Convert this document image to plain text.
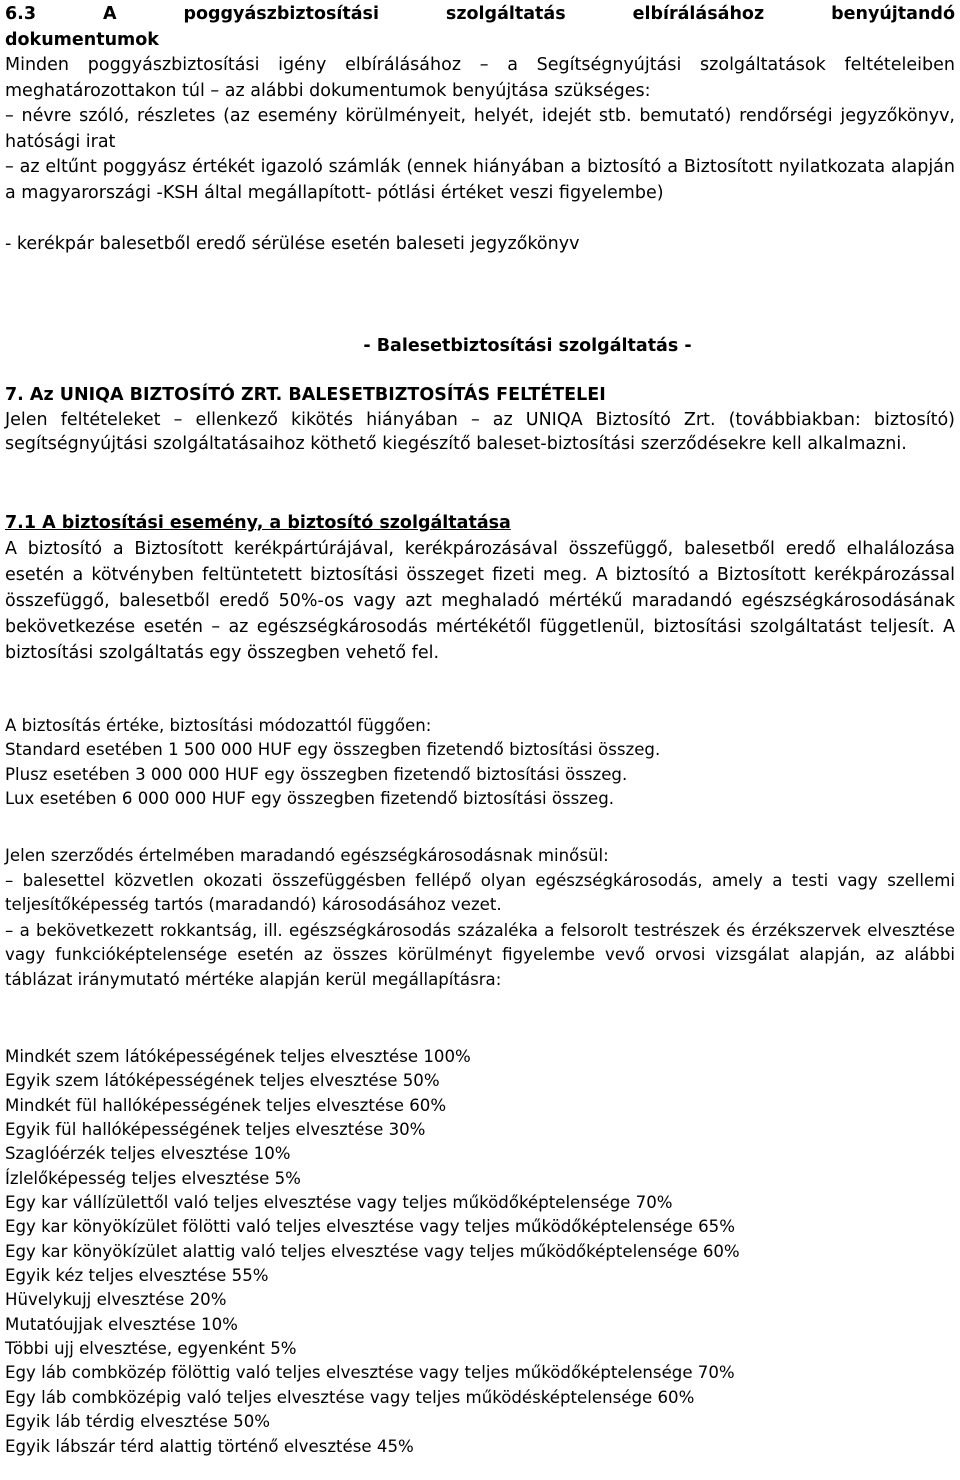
6.3 A poggyászbiztosítási szolgáltatás elbírálásához benyújtandó
dokumentumok
Minden poggyászbiztosítási igény elbírálásához – a Segítségnyújtási szolgáltatások feltételeiben meghatározottakon túl – az alábbi dokumentumok benyújtása szükséges:
– névre szóló, részletes (az esemény körülményeit, helyét, idejét stb. bemutató) rendőrségi jegyzőkönyv, hatósági irat
– az eltűnt poggyász értékét igazoló számlák (ennek hiányában a biztosító a Biztosított nyilatkozata alapján a magyarországi -KSH által megállapított- pótlási értéket veszi figyelembe)
- kerékpár balesetből eredő sérülése esetén baleseti jegyzőkönyv
- Balesetbiztosítási szolgáltatás -
7. Az UNIQA BIZTOSÍTÓ ZRT. BALESETBIZTOSÍTÁS FELTÉTELEI
Jelen feltételeket – ellenkező kikötés hiányában – az UNIQA Biztosító Zrt. (továbbiakban: biztosító) segítségnyújtási szolgáltatásaihoz köthető kiegészítő baleset-biztosítási szerződésekre kell alkalmazni.
7.1 A biztosítási esemény, a biztosító szolgáltatása
A biztosító a Biztosított kerékpártúrájával, kerékpározásával összefüggő, balesetből eredő elhalálozása esetén a kötvényben feltüntetett biztosítási összeget fizeti meg. A biztosító a Biztosított kerékpározással összefüggő, balesetből eredő 50%-os vagy azt meghaladó mértékű maradandó egészségkárosodásának bekövetkezése esetén – az egészségkárosodás mértékétől függetlenül, biztosítási szolgáltatást teljesít. A biztosítási szolgáltatás egy összegben vehető fel.
A biztosítás értéke, biztosítási módozattól függően:
Standard esetében 1 500 000 HUF egy összegben fizetendő biztosítási összeg.
Plusz esetében 3 000 000 HUF egy összegben fizetendő biztosítási összeg.
Lux esetében 6 000 000 HUF egy összegben fizetendő biztosítási összeg.
Jelen szerződés értelmében maradandó egészségkárosodásnak minősül:
– balesettel közvetlen okozati összefüggésben fellépő olyan egészségkárosodás, amely a testi vagy szellemi teljesítőképesség tartós (maradandó) károsodásához vezet.
– a bekövetkezett rokkantság, ill. egészségkárosodás százaléka a felsorolt testrészek és érzékszervek elvesztése vagy funkcióképtelensége esetén az összes körülményt figyelembe vevő orvosi vizsgálat alapján, az alábbi táblázat iránymutató mértéke alapján kerül megállapításra:
Mindkét szem látóképességének teljes elvesztése 100%
Egyik szem látóképességének teljes elvesztése 50%
Mindkét fül hallóképességének teljes elvesztése 60%
Egyik fül hallóképességének teljes elvesztése 30%
Szaglóérzék teljes elvesztése 10%
Ízlelőképesség teljes elvesztése 5%
Egy kar vállízülettől való teljes elvesztése vagy teljes működőképtelensége 70%
Egy kar könyökízület fölötti való teljes elvesztése vagy teljes működőképtelensége 65%
Egy kar könyökízület alattig való teljes elvesztése vagy teljes működőképtelensége 60%
Egyik kéz teljes elvesztése 55%
Hüvelykujj elvesztése 20%
Mutatóujjak elvesztése 10%
Többi ujj elvesztése, egyenként 5%
Egy láb combközép fölöttig való teljes elvesztése vagy teljes működőképtelensége 70%
Egy láb combközépig való teljes elvesztése vagy teljes működésképtelensége 60%
Egyik láb térdig elvesztése 50%
Egyik lábszár térd alattig történő elvesztése 45%
